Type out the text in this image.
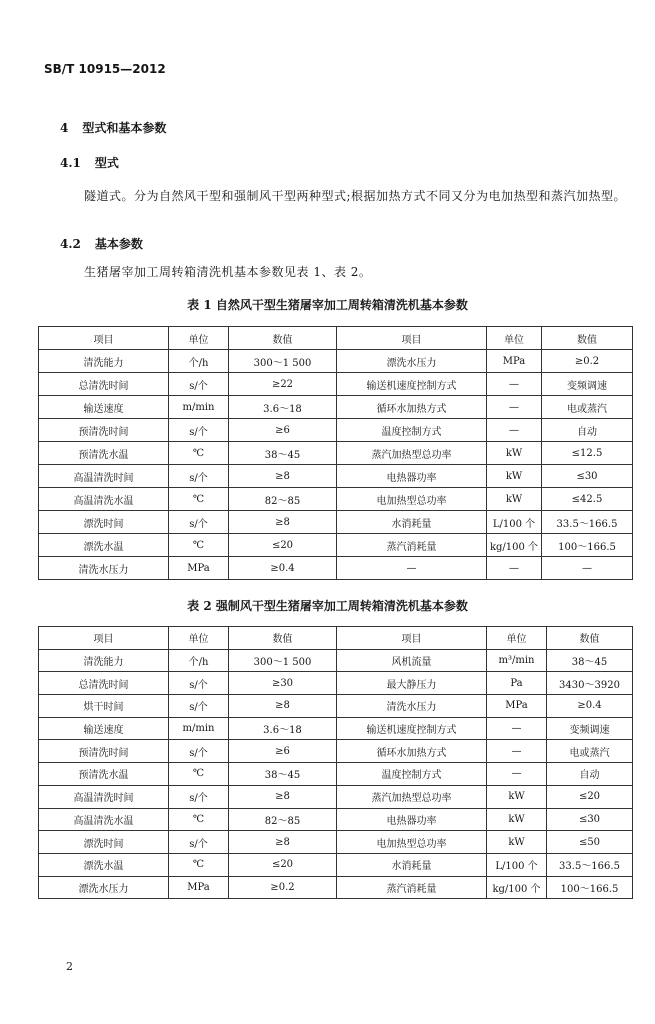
SB/T 10915—2012
4 型式和基本参数
4.1 型式
隧道式。分为自然风干型和强制风干型两种型式;根据加热方式不同又分为电加热型和蒸汽加热型。
4.2 基本参数
生猪屠宰加工周转箱清洗机基本参数见表 1、表 2。
表 1 自然风干型生猪屠宰加工周转箱清洗机基本参数
项目	单位	数值	项目	单位	数值
清洗能力	个/h	300～1 500	漂洗水压力	MPa	≥0.2
总清洗时间	s/个	≥22	输送机速度控制方式	—	变频调速
输送速度	m/min	3.6～18	循环水加热方式	—	电或蒸汽
预清洗时间	s/个	≥6	温度控制方式	—	自动
预清洗水温	℃	38～45	蒸汽加热型总功率	kW	≤12.5
高温清洗时间	s/个	≥8	电热器功率	kW	≤30
高温清洗水温	℃	82～85	电加热型总功率	kW	≤42.5
漂洗时间	s/个	≥8	水消耗量	L/100 个	33.5～166.5
漂洗水温	℃	≤20	蒸汽消耗量	kg/100 个	100～166.5
清洗水压力	MPa	≥0.4	—	—	—
表 2 强制风干型生猪屠宰加工周转箱清洗机基本参数
项目	单位	数值	项目	单位	数值
清洗能力	个/h	300～1 500	风机流量	m³/min	38～45
总清洗时间	s/个	≥30	最大静压力	Pa	3430～3920
烘干时间	s/个	≥8	清洗水压力	MPa	≥0.4
输送速度	m/min	3.6～18	输送机速度控制方式	—	变频调速
预清洗时间	s/个	≥6	循环水加热方式	—	电或蒸汽
预清洗水温	℃	38～45	温度控制方式	—	自动
高温清洗时间	s/个	≥8	蒸汽加热型总功率	kW	≤20
高温清洗水温	℃	82～85	电热器功率	kW	≤30
漂洗时间	s/个	≥8	电加热型总功率	kW	≤50
漂洗水温	℃	≤20	水消耗量	L/100 个	33.5～166.5
漂洗水压力	MPa	≥0.2	蒸汽消耗量	kg/100 个	100～166.5
2
